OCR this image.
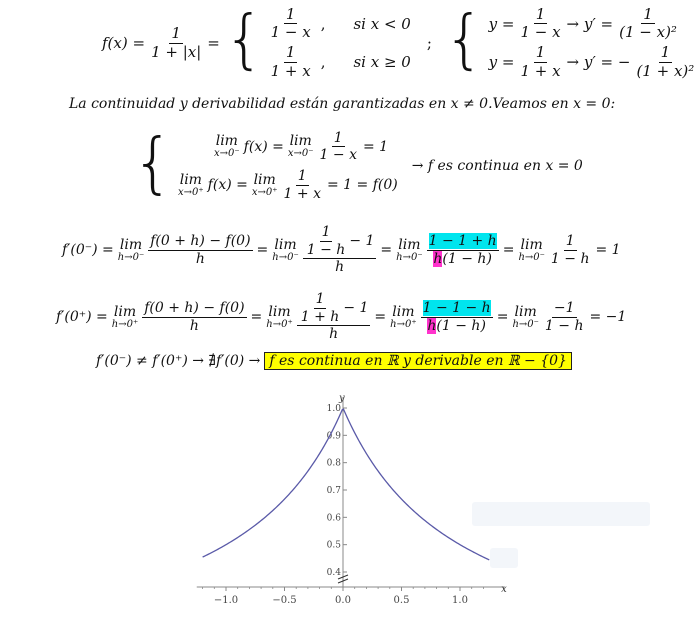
$f(x) = \frac{1}{1 + |x|}$ = { $\frac{1}{1 - x}$ , si x < 0
$\frac{1}{1 + x}$ , si x ≥ 0
; { $y = \frac{1}{1 - x} \to y' = \frac{1}{\text{(1 − x)²}}$
$y = \frac{1}{1 + x} \to y'$ = − $\frac{1}{\text{(1 + x)²}}$
La continuidad y derivabilidad están garantizadas en x ≠ 0.Veamos en x = 0:
{	lim
x→0⁻ f(x) = lim
$x\to 0^- \frac{1}{1 - x} = 1$
lim
x→0⁺ f(x) = lim
$x\to 0^+ \frac{1}{1 + x} = 1 = f(0)$
→ f es continua en x = 0
f′(0⁻) = lim
$h\to 0^- \frac{f(0 + h) - f(0)}{h} = \lim$
$h\to 0^- \frac{\frac{1}{1 - h} - 1}{h} = \lim$
$h\to 0^- \frac{1 - 1 + h}{h(1 - h)} = \lim$
$h\to 0^- \frac{1}{1 - h} = 1$
f′(0⁺) = lim
$h\to 0^+ \frac{f(0 + h) - f(0)}{h} = \lim$
$h\to 0^+ \frac{\frac{1}{1 + h} - 1}{h} = \lim$
$h\to 0^+ \frac{1 - 1 - h}{h(1 - h)} = \lim$
$h\to 0^- \frac{-1}{1 - h} = -1$
f′(0⁻) ≠ f′(0⁺) → ∄f′(0) → f es continua en ℝ y derivable en ℝ − {0}
x
y
−1.0	−0.5	0.0	0.5	1.0
0.4
0.5
0.6
0.7
0.8
0.9
1.0
